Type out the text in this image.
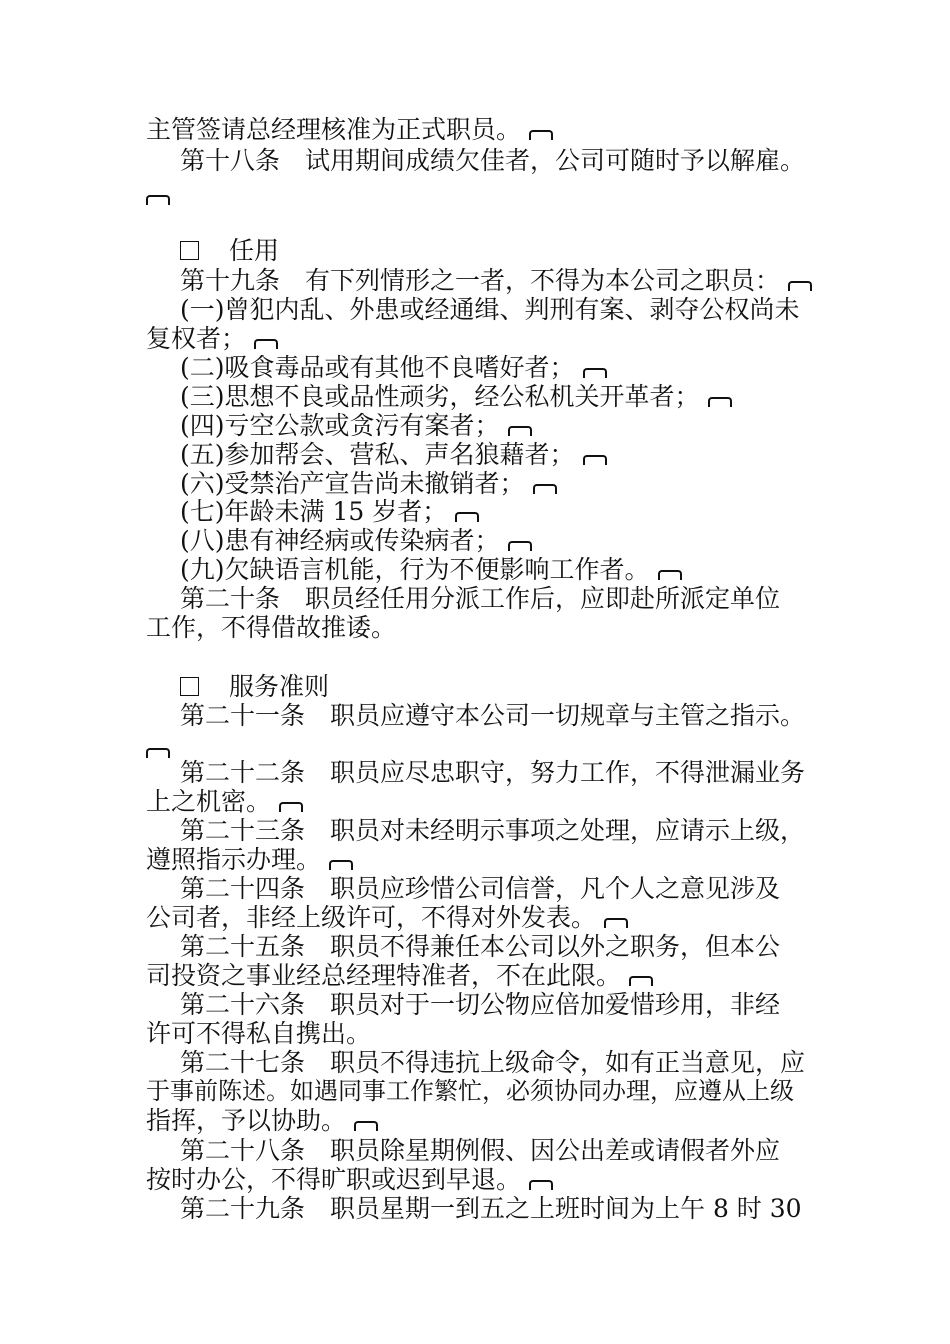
主管签请总经理核准为正式职员。
第十八条　试用期间成绩欠佳者，公司可随时予以解雇。
任用
第十九条　有下列情形之一者，不得为本公司之职员：
(一)曾犯内乱、外患或经通缉、判刑有案、剥夺公权尚未
复权者；
(二)吸食毒品或有其他不良嗜好者；
(三)思想不良或品性顽劣，经公私机关开革者；
(四)亏空公款或贪污有案者；
(五)参加帮会、营私、声名狼藉者；
(六)受禁治产宣告尚未撤销者；
(七)年龄未满 15 岁者；
(八)患有神经病或传染病者；
(九)欠缺语言机能，行为不便影响工作者。
第二十条　职员经任用分派工作后，应即赴所派定单位
工作，不得借故推诿。
服务准则
第二十一条　职员应遵守本公司一切规章与主管之指示。
第二十二条　职员应尽忠职守，努力工作，不得泄漏业务
上之机密。
第二十三条　职员对未经明示事项之处理，应请示上级，
遵照指示办理。
第二十四条　职员应珍惜公司信誉，凡个人之意见涉及
公司者，非经上级许可，不得对外发表。
第二十五条　职员不得兼任本公司以外之职务，但本公
司投资之事业经总经理特准者，不在此限。
第二十六条　职员对于一切公物应倍加爱惜珍用，非经
许可不得私自携出。
第二十七条　职员不得违抗上级命令，如有正当意见，应
于事前陈述。如遇同事工作繁忙，必须协同办理，应遵从上级
指挥，予以协助。
第二十八条　职员除星期例假、因公出差或请假者外应
按时办公，不得旷职或迟到早退。
第二十九条　职员星期一到五之上班时间为上午 8 时 30
